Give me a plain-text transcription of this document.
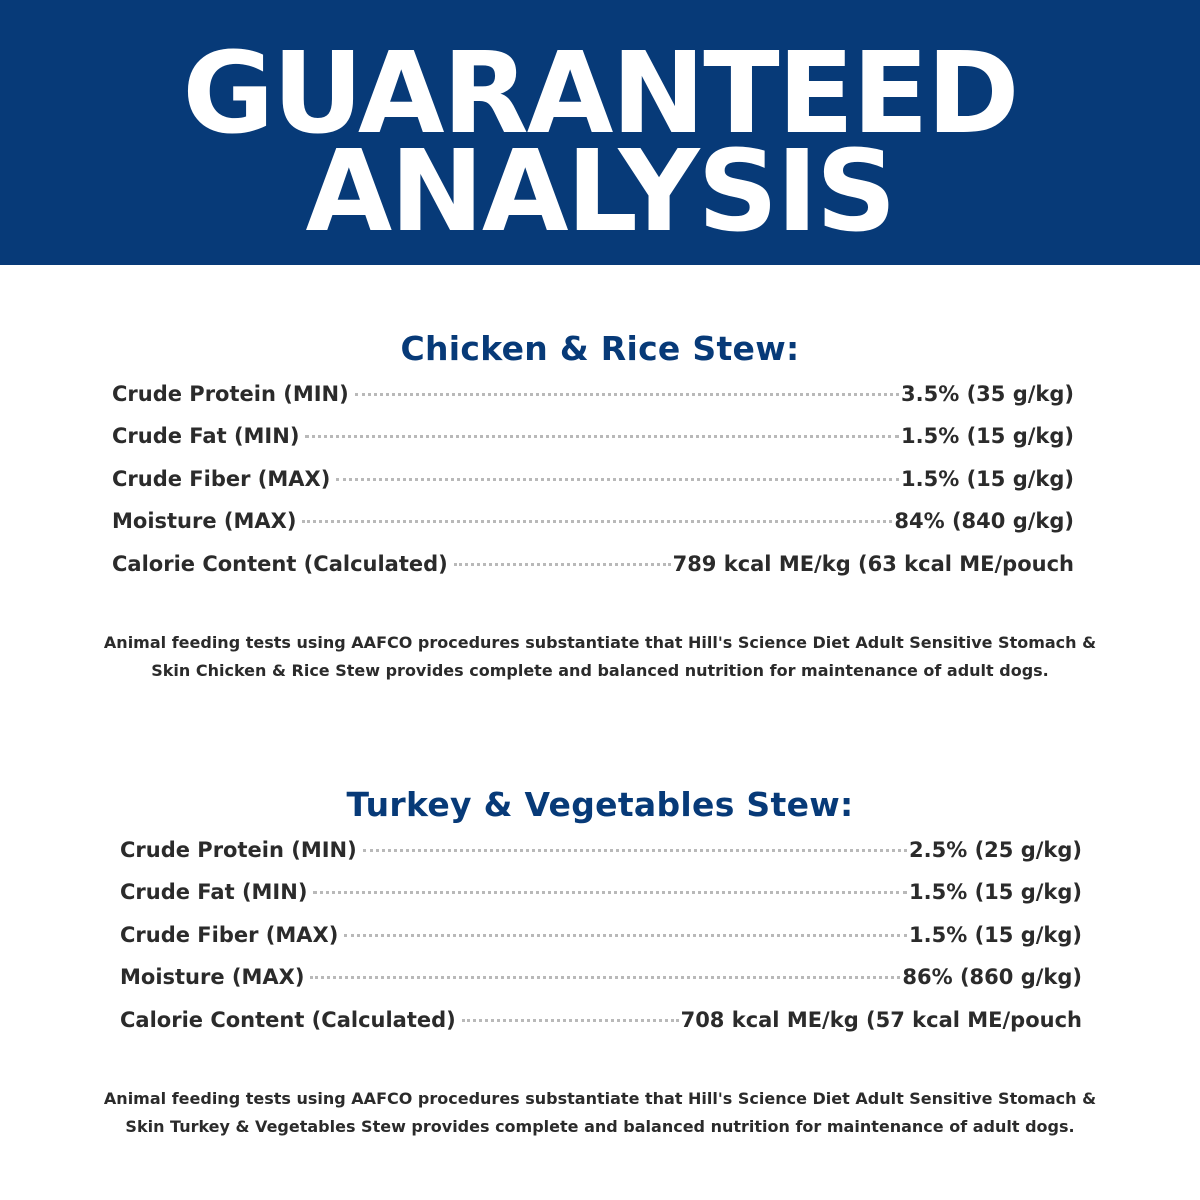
GUARANTEED
ANALYSIS
Chicken & Rice Stew:
Crude Protein (MIN)	3.5% (35 g/kg)
Crude Fat (MIN)	1.5% (15 g/kg)
Crude Fiber (MAX)	1.5% (15 g/kg)
Moisture (MAX)	84% (840 g/kg)
Calorie Content (Calculated)	789 kcal ME/kg (63 kcal ME/pouch
Animal feeding tests using AAFCO procedures substantiate that Hill's Science Diet Adult Sensitive Stomach &
Skin Chicken & Rice Stew provides complete and balanced nutrition for maintenance of adult dogs.
Turkey & Vegetables Stew:
Crude Protein (MIN)	2.5% (25 g/kg)
Crude Fat (MIN)	1.5% (15 g/kg)
Crude Fiber (MAX)	1.5% (15 g/kg)
Moisture (MAX)	86% (860 g/kg)
Calorie Content (Calculated)	708 kcal ME/kg (57 kcal ME/pouch
Animal feeding tests using AAFCO procedures substantiate that Hill's Science Diet Adult Sensitive Stomach &
Skin Turkey & Vegetables Stew provides complete and balanced nutrition for maintenance of adult dogs.
